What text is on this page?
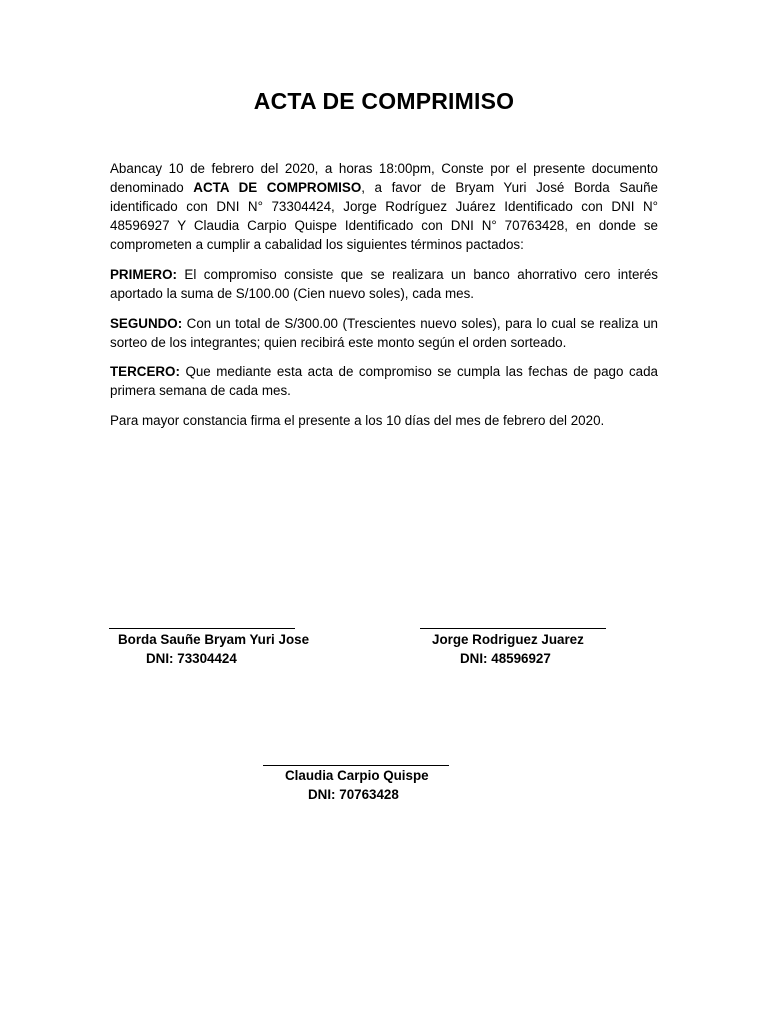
ACTA DE COMPRIMISO

Abancay 10 de febrero del 2020, a horas 18:00pm, Conste por el presente documento denominado ACTA DE COMPROMISO, a favor de Bryam Yuri José Borda Sauñe identificado con DNI N° 73304424, Jorge Rodríguez Juárez Identificado con DNI N° 48596927 Y Claudia Carpio Quispe Identificado con DNI N° 70763428, en donde se comprometen a cumplir a cabalidad los siguientes términos pactados:

PRIMERO: El compromiso consiste que se realizara un banco ahorrativo cero interés aportado la suma de S/100.00 (Cien nuevo soles), cada mes.

SEGUNDO: Con un total de S/300.00 (Trescientes nuevo soles), para lo cual se realiza un sorteo de los integrantes; quien recibirá este monto según el orden sorteado.

TERCERO: Que mediante esta acta de compromiso se cumpla las fechas de pago cada primera semana de cada mes.

Para mayor constancia firma el presente a los 10 días del mes de febrero del 2020.

Borda Sauñe Bryam Yuri Jose
DNI: 73304424
Jorge Rodriguez Juarez
DNI: 48596927
Claudia Carpio Quispe
DNI: 70763428
